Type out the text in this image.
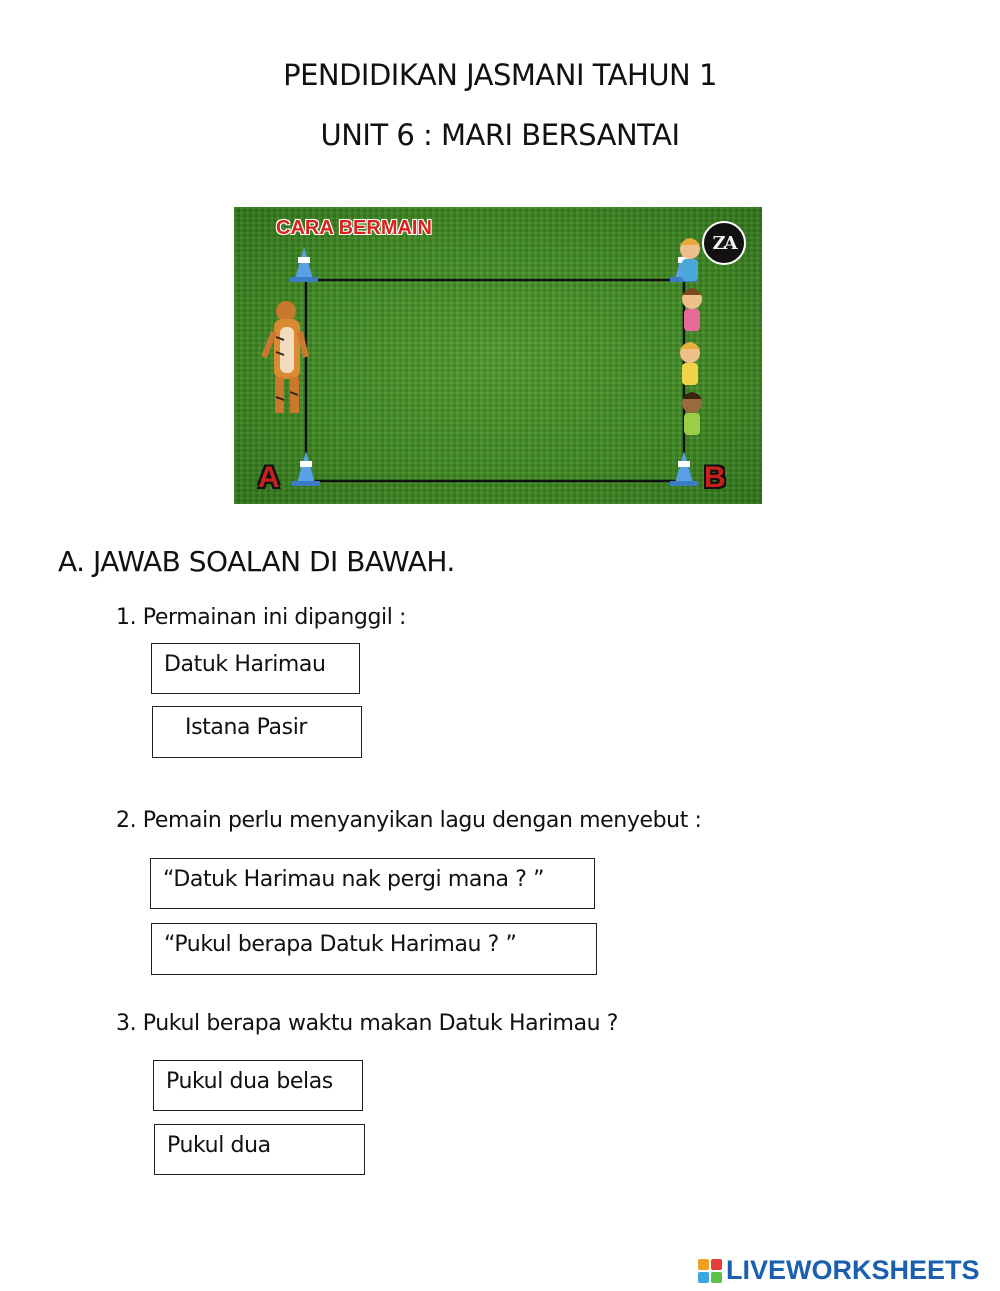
PENDIDIKAN JASMANI TAHUN 1
UNIT 6 : MARI BERSANTAI
CARA BERMAIN
A	B
ZA
A. JAWAB SOALAN DI BAWAH.
1. Permainan ini dipanggil :
Datuk Harimau
Istana Pasir
2. Pemain perlu menyanyikan lagu dengan menyebut :
“Datuk Harimau nak pergi mana ? ”
“Pukul berapa Datuk Harimau ? ”
3. Pukul berapa waktu makan Datuk Harimau ?
Pukul dua belas
Pukul dua
LIVEWORKSHEETS
